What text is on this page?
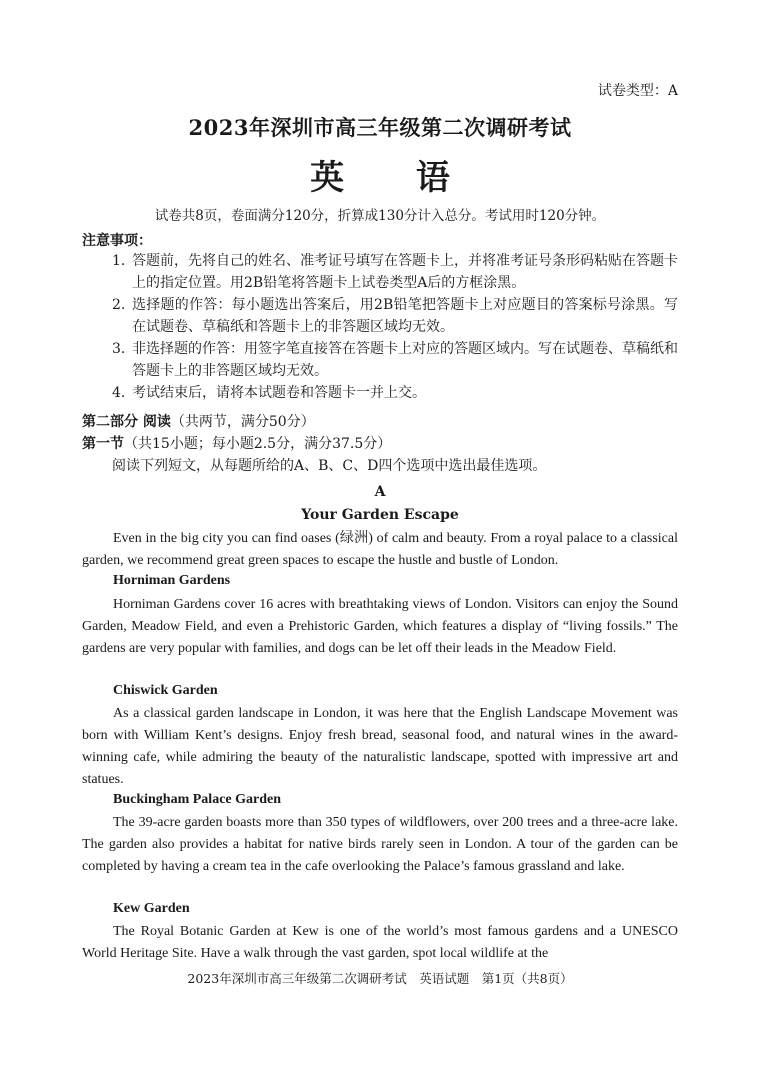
试卷类型：A
2023年深圳市高三年级第二次调研考试
英 语
试卷共8页，卷面满分120分，折算成130分计入总分。考试用时120分钟。
注意事项：
1. 答题前，先将自己的姓名、准考证号填写在答题卡上，并将准考证号条形码粘贴在答题卡上的指定位置。用2B铅笔将答题卡上试卷类型A后的方框涂黑。
2. 选择题的作答：每小题选出答案后，用2B铅笔把答题卡上对应题目的答案标号涂黑。写在试题卷、草稿纸和答题卡上的非答题区域均无效。
3. 非选择题的作答：用签字笔直接答在答题卡上对应的答题区域内。写在试题卷、草稿纸和答题卡上的非答题区域均无效。
4. 考试结束后，请将本试题卷和答题卡一并上交。
第二部分 阅读（共两节，满分50分）
第一节（共15小题；每小题2.5分，满分37.5分）
阅读下列短文，从每题所给的A、B、C、D四个选项中选出最佳选项。
A
Your Garden Escape
Even in the big city you can find oases (绿洲) of calm and beauty. From a royal palace to a classical garden, we recommend great green spaces to escape the hustle and bustle of London.
Horniman Gardens
Horniman Gardens cover 16 acres with breathtaking views of London. Visitors can enjoy the Sound Garden, Meadow Field, and even a Prehistoric Garden, which features a display of “living fossils.” The gardens are very popular with families, and dogs can be let off their leads in the Meadow Field.
Chiswick Garden
As a classical garden landscape in London, it was here that the English Landscape Movement was born with William Kent’s designs. Enjoy fresh bread, seasonal food, and natural wines in the award-winning cafe, while admiring the beauty of the naturalistic landscape, spotted with impressive art and statues.
Buckingham Palace Garden
The 39-acre garden boasts more than 350 types of wildflowers, over 200 trees and a three-acre lake. The garden also provides a habitat for native birds rarely seen in London. A tour of the garden can be completed by having a cream tea in the cafe overlooking the Palace’s famous grassland and lake.
Kew Garden
The Royal Botanic Garden at Kew is one of the world’s most famous gardens and a UNESCO World Heritage Site. Have a walk through the vast garden, spot local wildlife at the
2023年深圳市高三年级第二次调研考试　英语试题　第1页（共8页）
